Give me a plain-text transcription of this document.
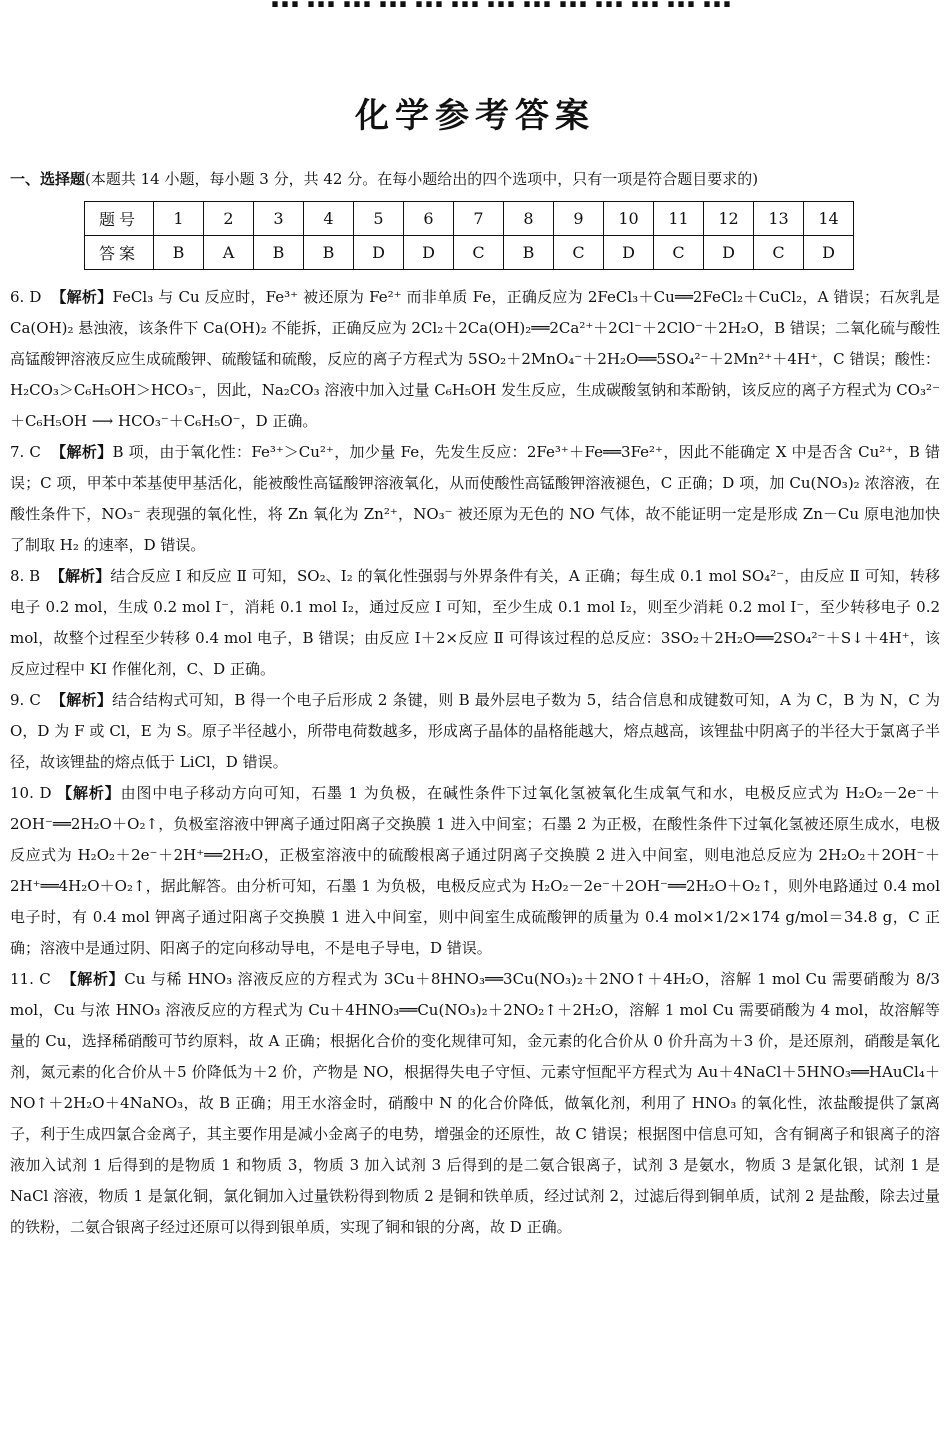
化学参考答案
一、选择题(本题共 14 小题，每小题 3 分，共 42 分。在每小题给出的四个选项中，只有一项是符合题目要求的)
题号	1	2	3	4	5	6	7	8	9	10	11	12	13	14
答案	B	A	B	B	D	D	C	B	C	D	C	D	C	D

6. D 【解析】FeCl₃ 与 Cu 反应时，Fe³⁺ 被还原为 Fe²⁺ 而非单质 Fe，正确反应为 2FeCl₃＋Cu══2FeCl₂＋CuCl₂，A 错误；石灰乳是 Ca(OH)₂ 悬浊液，该条件下 Ca(OH)₂ 不能拆，正确反应为 2Cl₂＋2Ca(OH)₂══2Ca²⁺＋2Cl⁻＋2ClO⁻＋2H₂O，B 错误；二氧化硫与酸性高锰酸钾溶液反应生成硫酸钾、硫酸锰和硫酸，反应的离子方程式为 5SO₂＋2MnO₄⁻＋2H₂O══5SO₄²⁻＋2Mn²⁺＋4H⁺，C 错误；酸性：H₂CO₃＞C₆H₅OH＞HCO₃⁻，因此，Na₂CO₃ 溶液中加入过量 C₆H₅OH 发生反应，生成碳酸氢钠和苯酚钠，该反应的离子方程式为 CO₃²⁻＋C₆H₅OH ⟶ HCO₃⁻＋C₆H₅O⁻，D 正确。

7. C 【解析】B 项，由于氧化性：Fe³⁺＞Cu²⁺，加少量 Fe，先发生反应：2Fe³⁺＋Fe══3Fe²⁺，因此不能确定 X 中是否含 Cu²⁺，B 错误；C 项，甲苯中苯基使甲基活化，能被酸性高锰酸钾溶液氧化，从而使酸性高锰酸钾溶液褪色，C 正确；D 项，加 Cu(NO₃)₂ 浓溶液，在酸性条件下，NO₃⁻ 表现强的氧化性，将 Zn 氧化为 Zn²⁺，NO₃⁻ 被还原为无色的 NO 气体，故不能证明一定是形成 Zn－Cu 原电池加快了制取 H₂ 的速率，D 错误。

8. B 【解析】结合反应 Ⅰ 和反应 Ⅱ 可知，SO₂、I₂ 的氧化性强弱与外界条件有关，A 正确；每生成 0.1 mol SO₄²⁻，由反应 Ⅱ 可知，转移电子 0.2 mol，生成 0.2 mol I⁻，消耗 0.1 mol I₂，通过反应 Ⅰ 可知，至少生成 0.1 mol I₂，则至少消耗 0.2 mol I⁻，至少转移电子 0.2 mol，故整个过程至少转移 0.4 mol 电子，B 错误；由反应 Ⅰ＋2×反应 Ⅱ 可得该过程的总反应：3SO₂＋2H₂O══2SO₄²⁻＋S↓＋4H⁺，该反应过程中 KI 作催化剂，C、D 正确。

9. C 【解析】结合结构式可知，B 得一个电子后形成 2 条键，则 B 最外层电子数为 5，结合信息和成键数可知，A 为 C，B 为 N，C 为 O，D 为 F 或 Cl，E 为 S。原子半径越小，所带电荷数越多，形成离子晶体的晶格能越大，熔点越高，该锂盐中阴离子的半径大于氯离子半径，故该锂盐的熔点低于 LiCl，D 错误。

10. D 【解析】由图中电子移动方向可知，石墨 1 为负极，在碱性条件下过氧化氢被氧化生成氧气和水，电极反应式为 H₂O₂－2e⁻＋2OH⁻══2H₂O＋O₂↑，负极室溶液中钾离子通过阳离子交换膜 1 进入中间室；石墨 2 为正极，在酸性条件下过氧化氢被还原生成水，电极反应式为 H₂O₂＋2e⁻＋2H⁺══2H₂O，正极室溶液中的硫酸根离子通过阴离子交换膜 2 进入中间室，则电池总反应为 2H₂O₂＋2OH⁻＋2H⁺══4H₂O＋O₂↑，据此解答。由分析可知，石墨 1 为负极，电极反应式为 H₂O₂－2e⁻＋2OH⁻══2H₂O＋O₂↑，则外电路通过 0.4 mol 电子时，有 0.4 mol 钾离子通过阳离子交换膜 1 进入中间室，则中间室生成硫酸钾的质量为 0.4 mol×1/2×174 g/mol＝34.8 g，C 正确；溶液中是通过阴、阳离子的定向移动导电，不是电子导电，D 错误。

11. C 【解析】Cu 与稀 HNO₃ 溶液反应的方程式为 3Cu＋8HNO₃══3Cu(NO₃)₂＋2NO↑＋4H₂O，溶解 1 mol Cu 需要硝酸为 8/3 mol，Cu 与浓 HNO₃ 溶液反应的方程式为 Cu＋4HNO₃══Cu(NO₃)₂＋2NO₂↑＋2H₂O，溶解 1 mol Cu 需要硝酸为 4 mol，故溶解等量的 Cu，选择稀硝酸可节约原料，故 A 正确；根据化合价的变化规律可知，金元素的化合价从 0 价升高为＋3 价，是还原剂，硝酸是氧化剂，氮元素的化合价从＋5 价降低为＋2 价，产物是 NO，根据得失电子守恒、元素守恒配平方程式为 Au＋4NaCl＋5HNO₃══HAuCl₄＋NO↑＋2H₂O＋4NaNO₃，故 B 正确；用王水溶金时，硝酸中 N 的化合价降低，做氧化剂，利用了 HNO₃ 的氧化性，浓盐酸提供了氯离子，利于生成四氯合金离子，其主要作用是减小金离子的电势，增强金的还原性，故 C 错误；根据图中信息可知，含有铜离子和银离子的溶液加入试剂 1 后得到的是物质 1 和物质 3，物质 3 加入试剂 3 后得到的是二氨合银离子，试剂 3 是氨水，物质 3 是氯化银，试剂 1 是 NaCl 溶液，物质 1 是氯化铜，氯化铜加入过量铁粉得到物质 2 是铜和铁单质，经过试剂 2，过滤后得到铜单质，试剂 2 是盐酸，除去过量的铁粉，二氨合银离子经过还原可以得到银单质，实现了铜和银的分离，故 D 正确。
